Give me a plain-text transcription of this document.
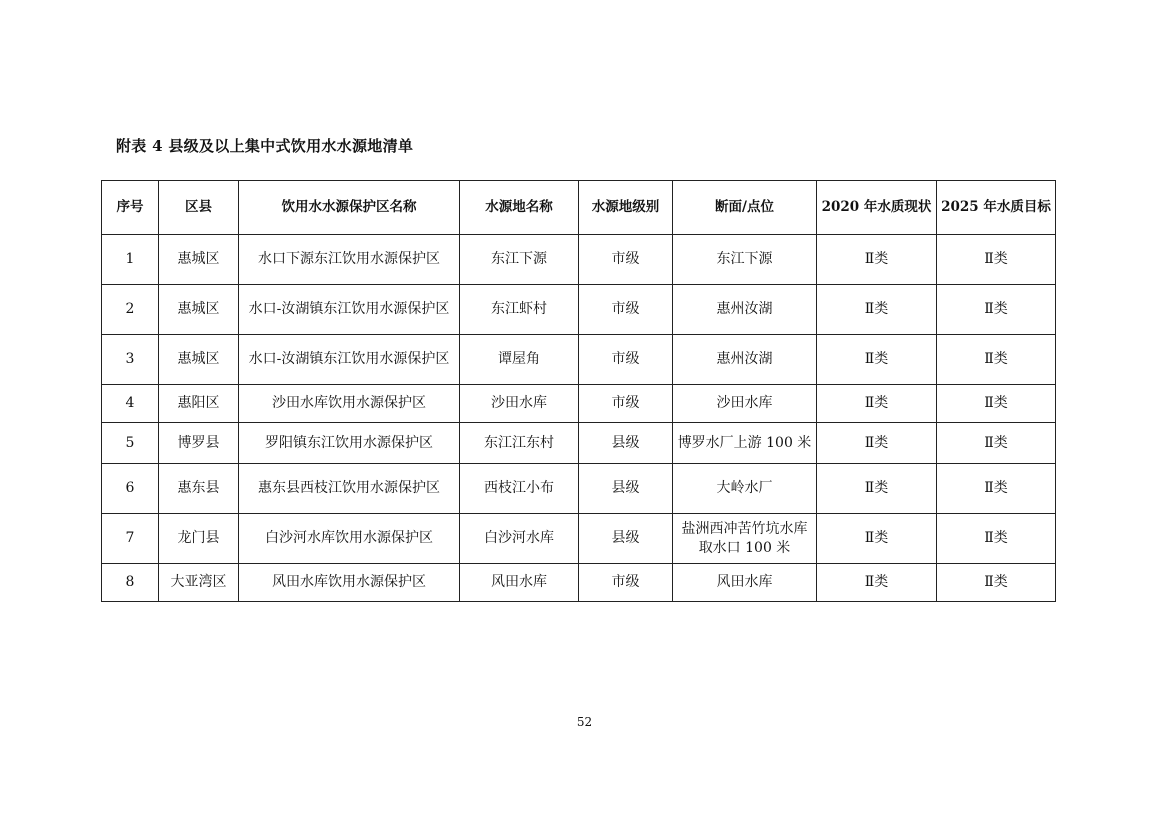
附表 4 县级及以上集中式饮用水水源地清单
序号	区县	饮用水水源保护区名称	水源地名称	水源地级别	断面/点位	2020 年水质现状	2025 年水质目标
1	惠城区	水口下源东江饮用水源保护区	东江下源	市级	东江下源	Ⅱ类	Ⅱ类
2	惠城区	水口-汝湖镇东江饮用水源保护区	东江虾村	市级	惠州汝湖	Ⅱ类	Ⅱ类
3	惠城区	水口-汝湖镇东江饮用水源保护区	谭屋角	市级	惠州汝湖	Ⅱ类	Ⅱ类
4	惠阳区	沙田水库饮用水源保护区	沙田水库	市级	沙田水库	Ⅱ类	Ⅱ类
5	博罗县	罗阳镇东江饮用水源保护区	东江江东村	县级	博罗水厂上游 100 米	Ⅱ类	Ⅱ类
6	惠东县	惠东县西枝江饮用水源保护区	西枝江小布	县级	大岭水厂	Ⅱ类	Ⅱ类
7	龙门县	白沙河水库饮用水源保护区	白沙河水库	县级	盐洲西冲苦竹坑水库取水口 100 米	Ⅱ类	Ⅱ类
8	大亚湾区	风田水库饮用水源保护区	风田水库	市级	风田水库	Ⅱ类	Ⅱ类
52
